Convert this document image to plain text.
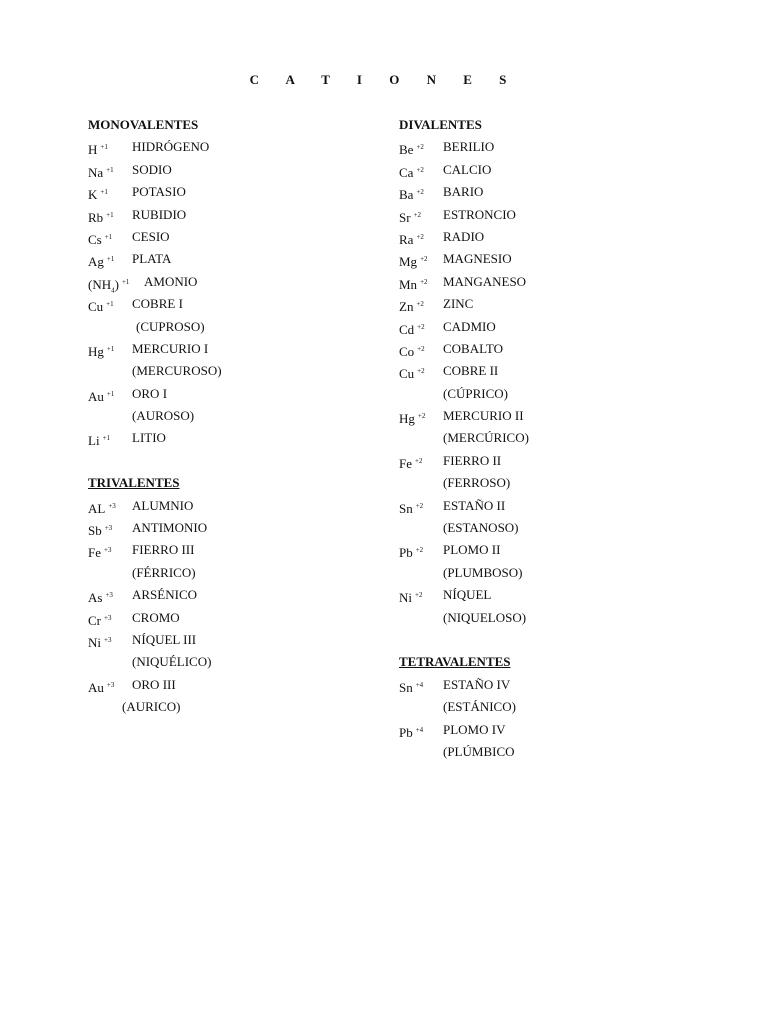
C A T I O N E S
MONOVALENTES
H $^{+1}$ HIDRÓGENO
Na $^{+1}$ SODIO
K $^{+1}$ POTASIO
Rb $^{+1}$ RUBIDIO
Cs $^{+1}$ CESIO
Ag $^{+1}$ PLATA
$(NH_4)$ $^{+1}$ AMONIO
Cu $^{+1}$ COBRE I
(CUPROSO)
Hg $^{+1}$ MERCURIO I
(MERCUROSO)
Au $^{+1}$ ORO I
(AUROSO)
Li $^{+1}$ LITIO
TRIVALENTES
AL $^{+3}$ ALUMNIO
Sb $^{+3}$ ANTIMONIO
Fe $^{+3}$ FIERRO III
(FÉRRICO)
As $^{+3}$ ARSÉNICO
Cr $^{+3}$ CROMO
Ni $^{+3}$ NÍQUEL III
(NIQUÉLICO)
Au $^{+3}$ ORO III
(AURICO)
DIVALENTES
Be $^{+2}$ BERILIO
Ca $^{+2}$ CALCIO
Ba $^{+2}$ BARIO
Sr $^{+2}$ ESTRONCIO
Ra $^{+2}$ RADIO
Mg $^{+2}$ MAGNESIO
Mn $^{+2}$ MANGANESO
Zn $^{+2}$ ZINC
Cd $^{+2}$ CADMIO
Co $^{+2}$ COBALTO
Cu $^{+2}$ COBRE II
(CÚPRICO)
Hg $^{+2}$ MERCURIO II
(MERCÚRICO)
Fe $^{+2}$ FIERRO II
(FERROSO)
Sn $^{+2}$ ESTAÑO II
(ESTANOSO)
Pb $^{+2}$ PLOMO II
(PLUMBOSO)
Ni $^{+2}$ NÍQUEL
(NIQUELOSO)
TETRAVALENTES
Sn $^{+4}$ ESTAÑO IV
(ESTÁNICO)
Pb $^{+4}$ PLOMO IV
(PLÚMBICO
